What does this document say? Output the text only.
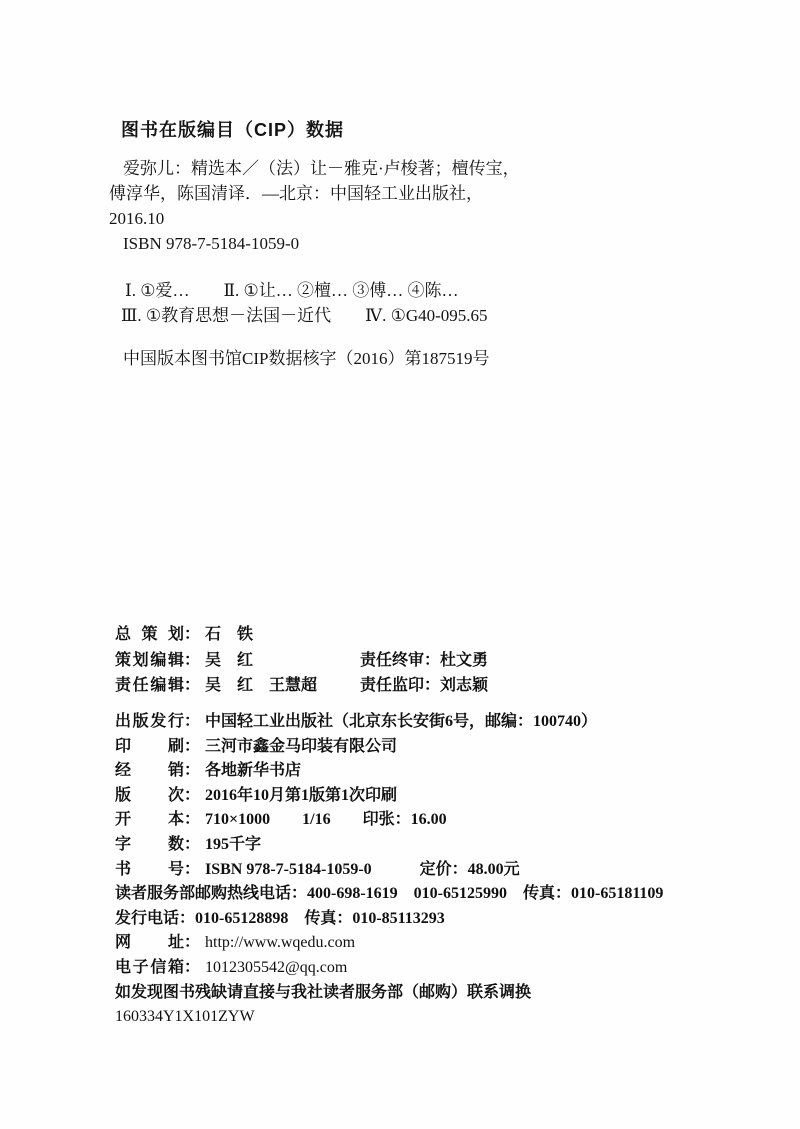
图书在版编目（CIP）数据
爱弥儿：精选本／（法）让－雅克·卢梭著；檀传宝，
傅淳华，陈国清译．—北京：中国轻工业出版社，
2016.10
ISBN 978-7-5184-1059-0
Ⅰ. ①爱…　　Ⅱ. ①让… ②檀… ③傅… ④陈…
Ⅲ. ①教育思想－法国－近代　　Ⅳ. ①G40-095.65
中国版本图书馆CIP数据核字（2016）第187519号
总 策 划 ： 石　铁
策 划 编 辑 ： 吴　红	责任终审：杜文勇
责 任 编 辑 ： 吴　红　王慧超	责任监印：刘志颖
出 版 发 行 ： 中国轻工业出版社（北京东长安街6号，邮编：100740）
印 刷 ： 三河市鑫金马印装有限公司
经 销 ： 各地新华书店
版 次 ： 2016年10月第1版第1次印刷
开 本 ： 710×1000　　1/16　　印张：16.00
字 数 ： 195千字
书 号 ： ISBN 978-7-5184-1059-0　　　定价：48.00元
读者服务部邮购热线电话：400-698-1619　010-65125990　传真：010-65181109
发行电话：010-65128898　传真：010-85113293
网 址 ： http://www.wqedu.com
电 子 信 箱 ： 1012305542@qq.com
如发现图书残缺请直接与我社读者服务部（邮购）联系调换
160334Y1X101ZYW
